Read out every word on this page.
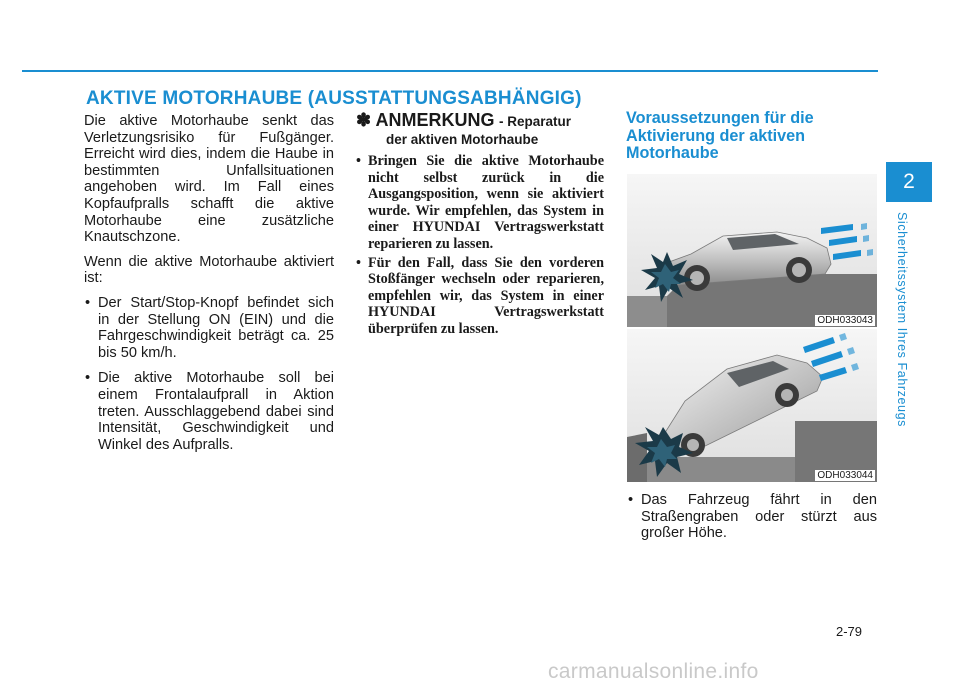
AKTIVE MOTORHAUBE (AUSSTATTUNGSABHÄNGIG)

Die aktive Motorhaube senkt das Verletzungsrisiko für Fußgänger. Erreicht wird dies, indem die Haube in bestimmten Unfallsituationen angehoben wird. Im Fall eines Kopfaufpralls schafft die aktive Motorhaube eine zusätzliche Knautschzone.

Wenn die aktive Motorhaube aktiviert ist:

• Der Start/Stop-Knopf befindet sich in der Stellung ON (EIN) und die Fahrgeschwindigkeit beträgt ca. 25 bis 50 km/h.
• Die aktive Motorhaube soll bei einem Frontalaufprall in Aktion treten. Ausschlaggebend dabei sind Intensität, Geschwindigkeit und Winkel des Aufpralls.
✽ ANMERKUNG - Reparatur
der aktiven Motorhaube
• Bringen Sie die aktive Motorhaube nicht selbst zurück in die Ausgangsposition, wenn sie aktiviert wurde. Wir empfehlen, das System in einer HYUNDAI Vertragswerkstatt reparieren zu lassen.
• Für den Fall, dass Sie den vorderen Stoßfänger wechseln oder reparieren, empfehlen wir, das System in einer HYUNDAI Vertragswerkstatt überprüfen zu lassen.
Voraussetzungen für die Aktivierung der aktiven Motorhaube
ODH033043
ODH033044
• Das Fahrzeug fährt in den Straßengraben oder stürzt aus großer Höhe.
2
Sicherheitssystem Ihres Fahrzeugs
2-79
carmanualsonline.info
